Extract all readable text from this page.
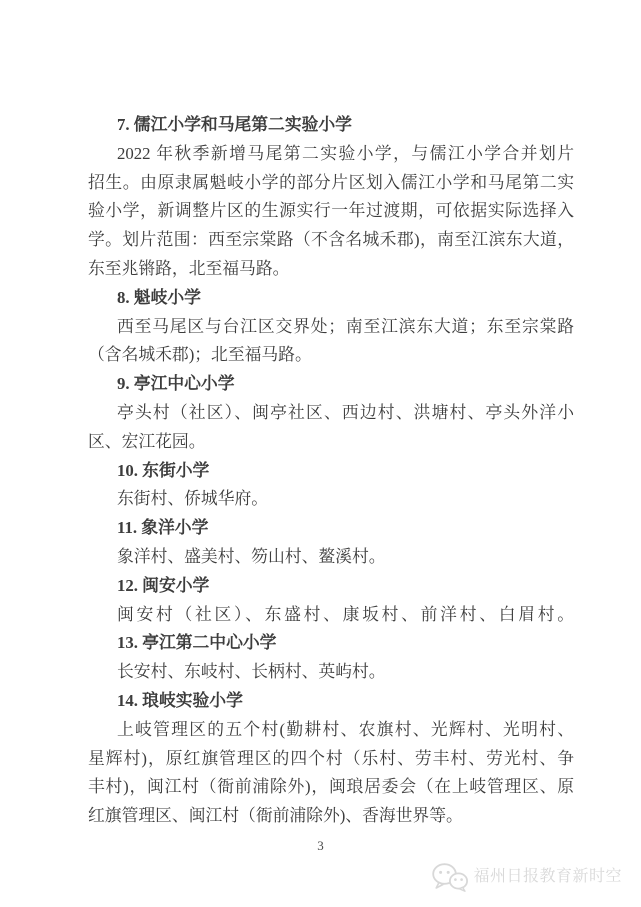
7. 儒江小学和马尾第二实验小学
2022 年秋季新增马尾第二实验小学，与儒江小学合并划片
招生。由原隶属魁岐小学的部分片区划入儒江小学和马尾第二实
验小学，新调整片区的生源实行一年过渡期，可依据实际选择入
学。划片范围：西至宗棠路（不含名城禾郡)，南至江滨东大道，
东至兆锵路，北至福马路。
8. 魁岐小学
西至马尾区与台江区交界处；南至江滨东大道；东至宗棠路
（含名城禾郡)；北至福马路。
9. 亭江中心小学
亭头村（社区）、闽亭社区、西边村、洪塘村、亭头外洋小
区、宏江花园。
10. 东街小学
东街村、侨城华府。
11. 象洋小学
象洋村、盛美村、笏山村、鳌溪村。
12. 闽安小学
闽安村（社区）、东盛村、康坂村、前洋村、白眉村。
13. 亭江第二中心小学
长安村、东岐村、长柄村、英屿村。
14. 琅岐实验小学
上岐管理区的五个村(勤耕村、农旗村、光辉村、光明村、
星辉村)，原红旗管理区的四个村（乐村、劳丰村、劳光村、争
丰村)，闽江村（衙前浦除外)，闽琅居委会（在上岐管理区、原
红旗管理区、闽江村（衙前浦除外)、香海世界等。
3
福州日报教育新时空
